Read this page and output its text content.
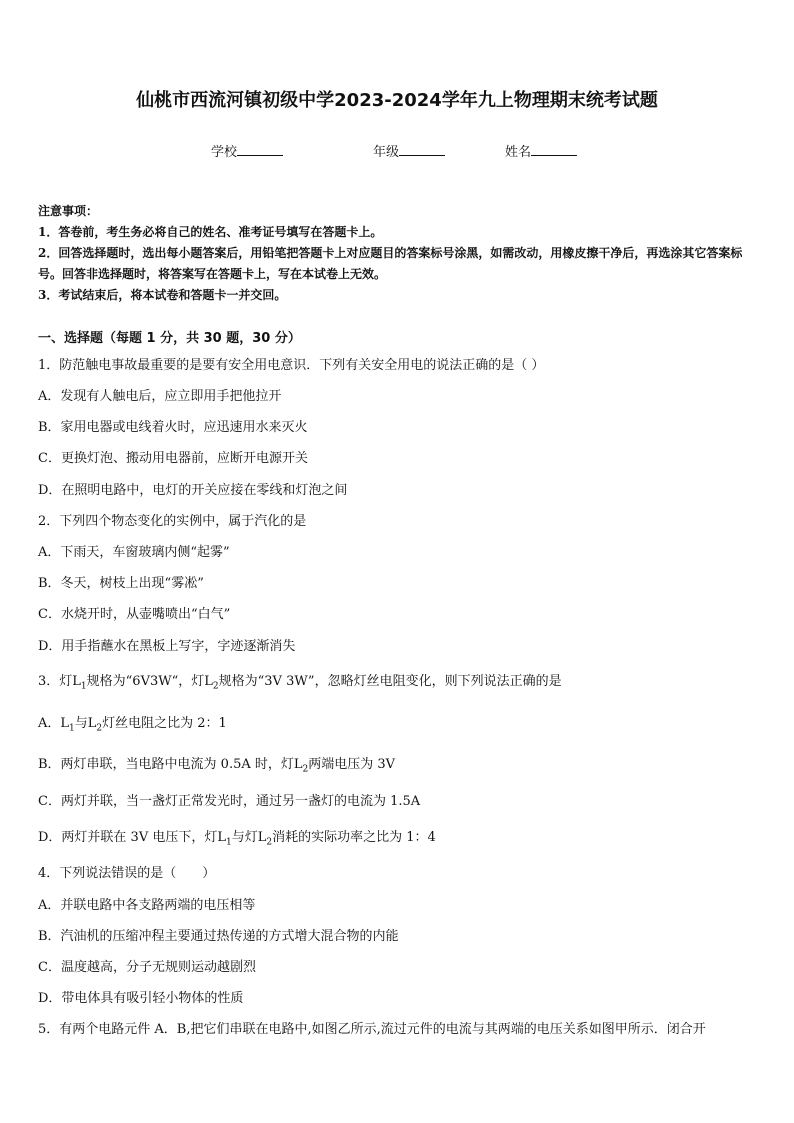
仙桃市西流河镇初级中学2023-2024学年九上物理期末统考试题
学校	年级	姓名
注意事项：
1．答卷前，考生务必将自己的姓名、准考证号填写在答题卡上。
2．回答选择题时，选出每小题答案后，用铅笔把答题卡上对应题目的答案标号涂黑，如需改动，用橡皮擦干净后，再选涂其它答案标号。回答非选择题时，将答案写在答题卡上，写在本试卷上无效。
3．考试结束后，将本试卷和答题卡一并交回。
一、选择题（每题 1 分，共 30 题，30 分）
1．防范触电事故最重要的是要有安全用电意识．下列有关安全用电的说法正确的是（ ）
A．发现有人触电后，应立即用手把他拉开
B．家用电器或电线着火时，应迅速用水来灭火
C．更换灯泡、搬动用电器前，应断开电源开关
D．在照明电路中，电灯的开关应接在零线和灯泡之间
2．下列四个物态变化的实例中，属于汽化的是
A．下雨天，车窗玻璃内侧“起雾”
B．冬天，树枝上出现“雾凇”
C．水烧开时，从壶嘴喷出“白气”
D．用手指蘸水在黑板上写字，字迹逐渐消失
3．灯$L_1$规格为“6V3W“，灯$L_2$规格为“3V 3W”，忽略灯丝电阻变化，则下列说法正确的是
A．$L_1$与$L_2$灯丝电阻之比为 2：1
B．两灯串联，当电路中电流为 0.5A 时，灯$L_2$两端电压为 3V
C．两灯并联，当一盏灯正常发光时，通过另一盏灯的电流为 1.5A
D．两灯并联在 3V 电压下，灯$L_1$与灯$L_2$消耗的实际功率之比为 1：4
4．下列说法错误的是（　　）
A．并联电路中各支路两端的电压相等
B．汽油机的压缩冲程主要通过热传递的方式增大混合物的内能
C．温度越高，分子无规则运动越剧烈
D．带电体具有吸引轻小物体的性质
5．有两个电路元件 A．B,把它们串联在电路中,如图乙所示,流过元件的电流与其两端的电压关系如图甲所示．闭合开
